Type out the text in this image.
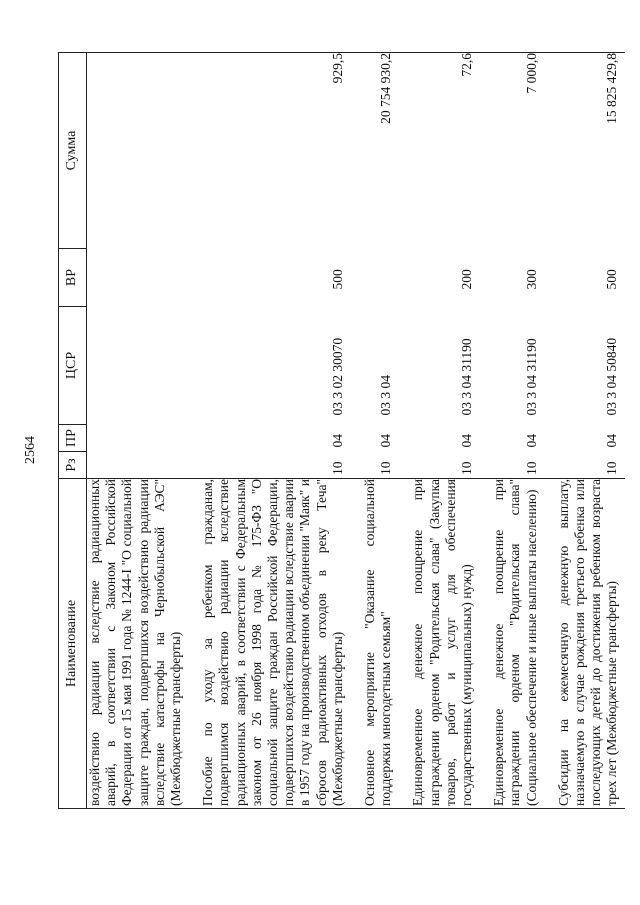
2564
Наименование	Рз	ПР	ЦСР	ВР	Сумма
воздействию радиации вследствие радиационных аварий, в соответствии с Законом Российской Федерации от 15 мая 1991 года № 1244-I "О социальной защите граждан, подвергшихся воздействию радиации вследствие катастрофы на Чернобыльской АЭС" (Межбюджетные трансферты)					

Пособие по уходу за ребенком гражданам, подвергшимся воздействию радиации вследствие радиационных аварий, в соответствии с Федеральным законом от 26 ноября 1998 года № 175-ФЗ "О социальной защите граждан Российской Федерации, подвергшихся воздействию радиации вследствие аварии в 1957 году на производственном объединении "Маяк" и сбросов радиоактивных отходов в реку Теча" (Межбюджетные трансферты)	10	04	03 3 02 30070	500	929,5

Основное мероприятие "Оказание социальной поддержки многодетным семьям"	10	04	03 3 04		20 754 930,2

Единовременное денежное поощрение при награждении орденом "Родительская слава" (Закупка товаров, работ и услуг для обеспечения государственных (муниципальных) нужд)	10	04	03 3 04 31190	200	72,6

Единовременное денежное поощрение при награждении орденом "Родительская слава" (Социальное обеспечение и иные выплаты населению)	10	04	03 3 04 31190	300	7 000,0

Субсидии на ежемесячную денежную выплату, назначаемую в случае рождения третьего ребенка или последующих детей до достижения ребенком возраста трех лет (Межбюджетные трансферты)	10	04	03 3 04 50840	500	15 825 429,8
